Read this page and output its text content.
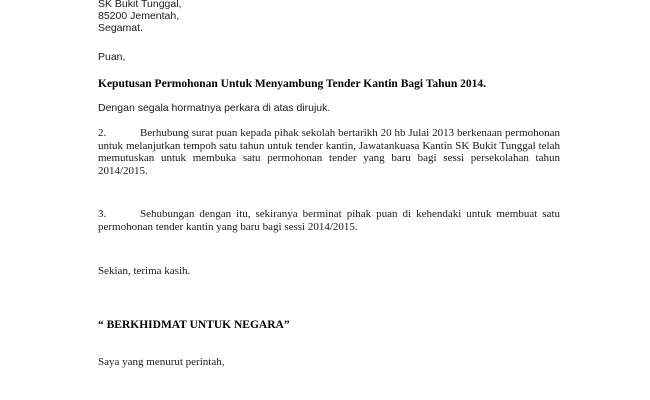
SK Bukit Tunggal,

85200 Jementah,

Segamat.

Puan,

Keputusan Permohonan Untuk Menyambung Tender Kantin Bagi Tahun 2014.

Dengan segala hormatnya perkara di atas dirujuk.

2.	Berhubung surat puan kepada pihak sekolah bertarikh 20 hb Julai 2013 berkenaan permohonan untuk melanjutkan tempoh satu tahun untuk tender kantin, Jawatankuasa Kantin SK Bukit Tunggal telah memutuskan untuk membuka satu permohonan tender yang baru bagi sessi persekolahan tahun 2014/2015.

3.	Sehubungan dengan itu, sekiranya berminat pihak puan di kehendaki untuk membuat satu permohonan tender kantin yang baru bagi sessi 2014/2015.

Sekian, terima kasih.

“ BERKHIDMAT UNTUK NEGARA”

Saya yang menurut perintah,
